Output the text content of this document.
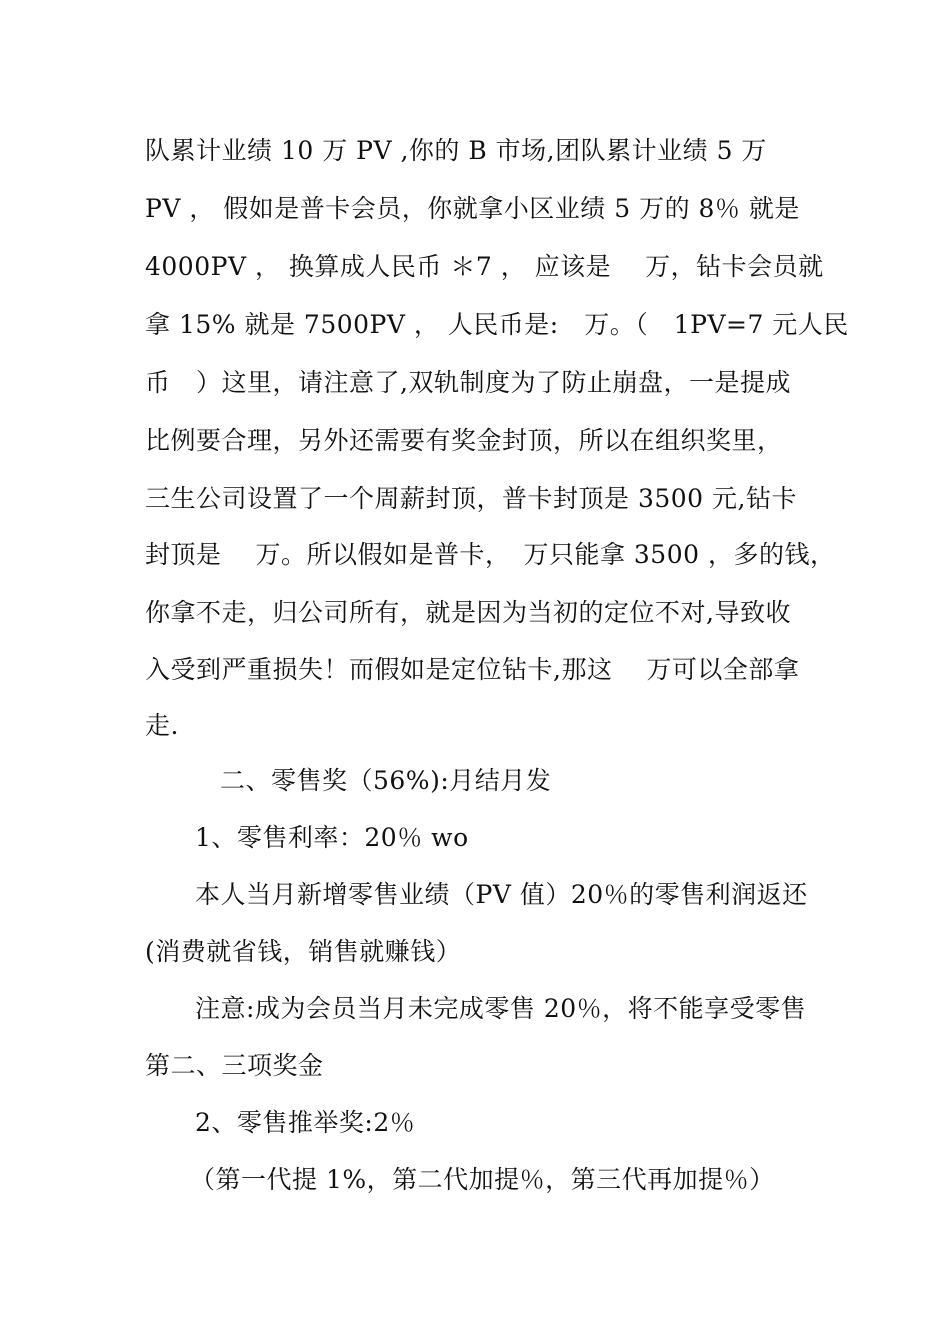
队累计业绩 10 万 PV ,你的 B 市场,团队累计业绩 5 万
PV ， 假如是普卡会员，你就拿小区业绩 5 万的 8％ 就是
4000PV ， 换算成人民币 ＊7 ， 应该是　 万，钻卡会员就
拿 15% 就是 7500PV ， 人民币是:　万。（　1PV=7 元人民
币　）这里，请注意了,双轨制度为了防止崩盘，一是提成
比例要合理，另外还需要有奖金封顶，所以在组织奖里，
三生公司设置了一个周薪封顶，普卡封顶是 3500 元,钻卡
封顶是　 万。所以假如是普卡，　万只能拿 3500 ，多的钱，
你拿不走，归公司所有，就是因为当初的定位不对,导致收
入受到严重损失！而假如是定位钻卡,那这　 万可以全部拿
走.
二、零售奖（56%):月结月发
1、零售利率：20％ wo
本人当月新增零售业绩（PV 值）20％的零售利润返还
(消费就省钱，销售就赚钱）
注意:成为会员当月未完成零售 20％，将不能享受零售
第二、三项奖金
2、零售推举奖:2％
（第一代提 1%，第二代加提％，第三代再加提％）
